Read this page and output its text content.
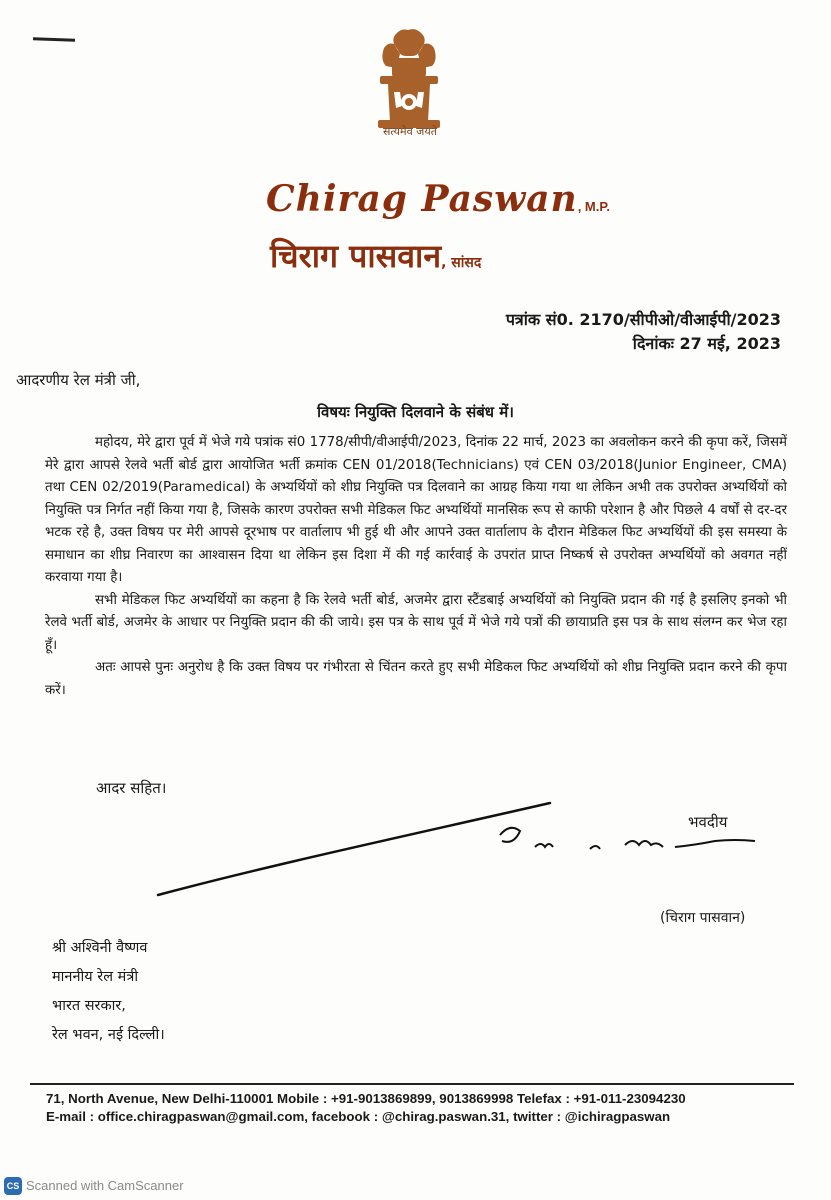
सत्यमेव जयते
Chirag Paswan, M.P.
चिराग पासवान, सांसद
पत्रांक सं0. 2170/सीपीओ/वीआईपी/2023
दिनांकः 27 मई, 2023
आदरणीय रेल मंत्री जी,
विषयः नियुक्ति दिलवाने के संबंध में।

महोदय, मेरे द्वारा पूर्व में भेजे गये पत्रांक सं0 1778/सीपी/वीआईपी/2023, दिनांक 22 मार्च, 2023 का अवलोकन करने की कृपा करें, जिसमें मेरे द्वारा आपसे रेलवे भर्ती बोर्ड द्वारा आयोजित भर्ती क्रमांक CEN 01/2018(Technicians) एवं CEN 03/2018(Junior Engineer, CMA) तथा CEN 02/2019(Paramedical) के अभ्यर्थियों को शीघ्र नियुक्ति पत्र दिलवाने का आग्रह किया गया था लेकिन अभी तक उपरोक्त अभ्यर्थियों को नियुक्ति पत्र निर्गत नहीं किया गया है, जिसके कारण उपरोक्त सभी मेडिकल फिट अभ्यर्थियों मानसिक रूप से काफी परेशान है और पिछले 4 वर्षों से दर-दर भटक रहे है, उक्त विषय पर मेरी आपसे दूरभाष पर वार्तालाप भी हुई थी और आपने उक्त वार्तालाप के दौरान मेडिकल फिट अभ्यर्थियों की इस समस्या के समाधान का शीघ्र निवारण का आश्वासन दिया था लेकिन इस दिशा में की गई कार्रवाई के उपरांत प्राप्त निष्कर्ष से उपरोक्त अभ्यर्थियों को अवगत नहीं करवाया गया है।

सभी मेडिकल फिट अभ्यर्थियों का कहना है कि रेलवे भर्ती बोर्ड, अजमेर द्वारा स्टैंडबाई अभ्यर्थियों को नियुक्ति प्रदान की गई है इसलिए इनको भी रेलवे भर्ती बोर्ड, अजमेर के आधार पर नियुक्ति प्रदान की की जाये। इस पत्र के साथ पूर्व में भेजे गये पत्रों की छायाप्रति इस पत्र के साथ संलग्न कर भेज रहा हूँ।

अतः आपसे पुनः अनुरोध है कि उक्त विषय पर गंभीरता से चिंतन करते हुए सभी मेडिकल फिट अभ्यर्थियों को शीघ्र नियुक्ति प्रदान करने की कृपा करें।

आदर सहित।
भवदीय
(चिराग पासवान)
श्री अश्विनी वैष्णव
माननीय रेल मंत्री
भारत सरकार,
रेल भवन, नई दिल्ली।
71, North Avenue, New Delhi-110001 Mobile : +91-9013869899, 9013869998 Telefax : +91-011-23094230
E-mail : office.chiragpaswan@gmail.com, facebook : @chirag.paswan.31, twitter : @ichiragpaswan
CS Scanned with CamScanner
